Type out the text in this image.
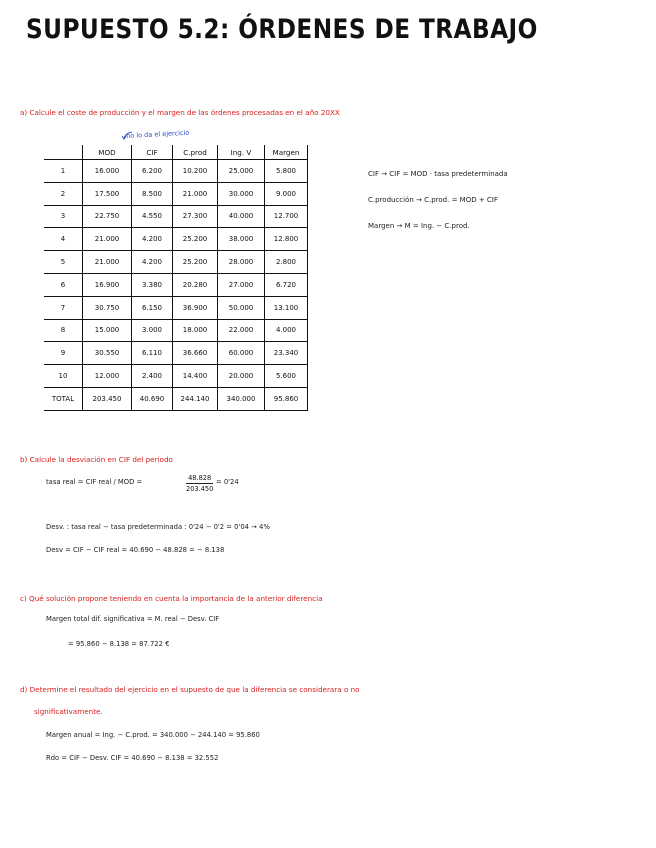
SUPUESTO 5.2: ÓRDENES DE TRABAJO
a) Calcule el coste de producción y el margen de las órdenes procesadas en el año 20XX
no lo da el ejercicio
	MOD	CIF	C.prod	Ing. V	Margen
1	16.000	6.200	10.200	25.000	5.800
2	17.500	8.500	21.000	30.000	9.000
3	22.750	4.550	27.300	40.000	12.700
4	21.000	4.200	25.200	38.000	12.800
5	21.000	4.200	25.200	28.000	2.800
6	16.900	3.380	20.280	27.000	6.720
7	30.750	6.150	36.900	50.000	13.100
8	15.000	3.000	18.000	22.000	4.000
9	30.550	6.110	36.660	60.000	23.340
10	12.000	2.400	14.400	20.000	5.600
TOTAL	203.450	40.690	244.140	340.000	95.860
CIF → CIF = MOD · tasa predeterminada
C.producción → C.prod. = MOD + CIF
Margen → M = Ing. − C.prod.
b) Calcule la desviación en CIF del periodo
tasa real = CIF real / MOD =	$\frac{48.828}{203.450} = 0'24$
Desv. : tasa real − tasa predeterminada : 0'24 − 0'2 = 0'04 → 4%
Desv = CIF − CIF real = 40.690 − 48.828 = − 8.138
c) Qué solución propone teniendo en cuenta la importancia de la anterior diferencia
Margen total dif. significativa = M. real − Desv. CIF
= 95.860 − 8.138 = 87.722 €
d) Determine el resultado del ejercicio en el supuesto de que la diferencia se considerara o no
significativamente.
Margen anual = Ing. − C.prod. = 340.000 − 244.140 = 95.860
Rdo = CIF − Desv. CIF = 40.690 − 8.138 = 32.552
